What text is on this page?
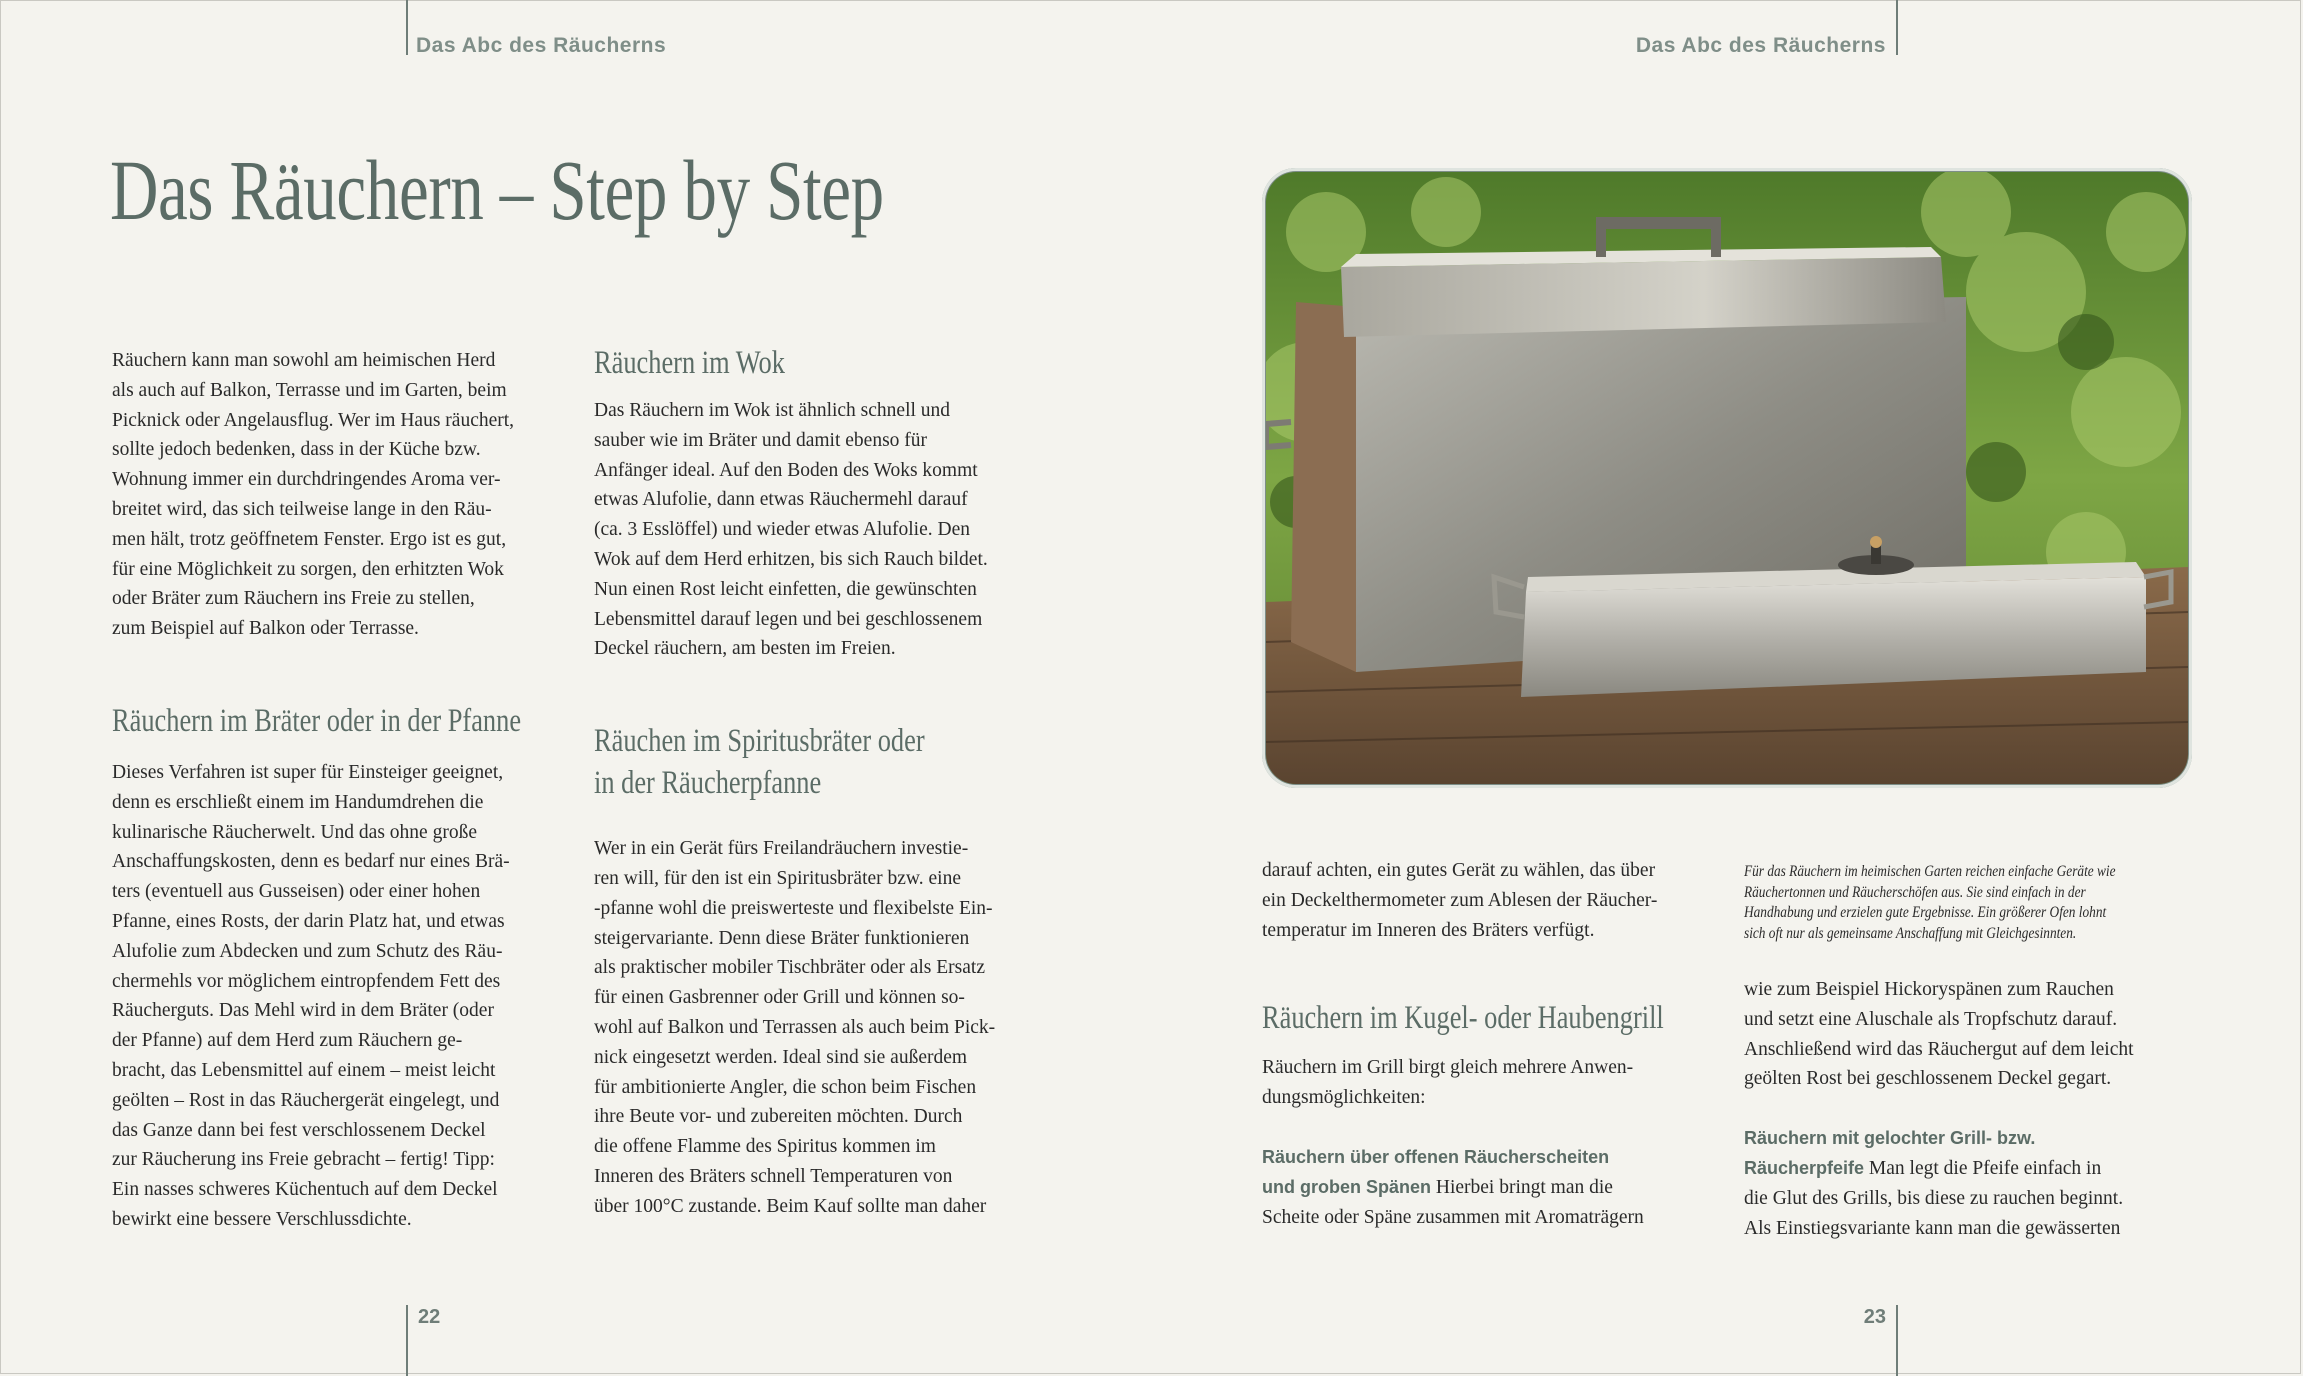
Das Abc des Räucherns	Das Abc des Räucherns
Das Räuchern – Step by Step
Räuchern kann man sowohl am heimischen Herd
als auch auf Balkon, Terrasse und im Garten, beim
Picknick oder Angelausflug. Wer im Haus räuchert,
sollte jedoch bedenken, dass in der Küche bzw.
Wohnung immer ein durchdringendes Aroma ver-
breitet wird, das sich teilweise lange in den Räu-
men hält, trotz geöffnetem Fenster. Ergo ist es gut,
für eine Möglichkeit zu sorgen, den erhitzten Wok
oder Bräter zum Räuchern ins Freie zu stellen,
zum Beispiel auf Balkon oder Terrasse.
Räuchern im Bräter oder in der Pfanne
Dieses Verfahren ist super für Einsteiger geeignet,
denn es erschließt einem im Handumdrehen die
kulinarische Räucherwelt. Und das ohne große
Anschaffungskosten, denn es bedarf nur eines Brä-
ters (eventuell aus Gusseisen) oder einer hohen
Pfanne, eines Rosts, der darin Platz hat, und etwas
Alufolie zum Abdecken und zum Schutz des Räu-
chermehls vor möglichem eintropfendem Fett des
Räucherguts. Das Mehl wird in dem Bräter (oder
der Pfanne) auf dem Herd zum Räuchern ge-
bracht, das Lebensmittel auf einem – meist leicht
geölten – Rost in das Räuchergerät eingelegt, und
das Ganze dann bei fest verschlossenem Deckel
zur Räucherung ins Freie gebracht – fertig! Tipp:
Ein nasses schweres Küchentuch auf dem Deckel
bewirkt eine bessere Verschlussdichte.
Räuchern im Wok
Das Räuchern im Wok ist ähnlich schnell und
sauber wie im Bräter und damit ebenso für
Anfänger ideal. Auf den Boden des Woks kommt
etwas Alufolie, dann etwas Räuchermehl darauf
(ca. 3 Esslöffel) und wieder etwas Alufolie. Den
Wok auf dem Herd erhitzen, bis sich Rauch bildet.
Nun einen Rost leicht einfetten, die gewünschten
Lebensmittel darauf legen und bei geschlossenem
Deckel räuchern, am besten im Freien.
Räuchen im Spiritusbräter oder
in der Räucherpfanne
Wer in ein Gerät fürs Freilandräuchern investie-
ren will, für den ist ein Spiritusbräter bzw. eine
-pfanne wohl die preiswerteste und flexibelste Ein-
steigervariante. Denn diese Bräter funktionieren
als praktischer mobiler Tischbräter oder als Ersatz
für einen Gasbrenner oder Grill und können so-
wohl auf Balkon und Terrassen als auch beim Pick-
nick eingesetzt werden. Ideal sind sie außerdem
für ambitionierte Angler, die schon beim Fischen
ihre Beute vor- und zubereiten möchten. Durch
die offene Flamme des Spiritus kommen im
Inneren des Bräters schnell Temperaturen von
über 100°C zustande. Beim Kauf sollte man daher
darauf achten, ein gutes Gerät zu wählen, das über
ein Deckelthermometer zum Ablesen der Räucher-
temperatur im Inneren des Bräters verfügt.
Räuchern im Kugel- oder Haubengrill
Räuchern im Grill birgt gleich mehrere Anwen-
dungsmöglichkeiten:
Räuchern über offenen Räucherscheiten
und groben Spänen Hierbei bringt man die
Scheite oder Späne zusammen mit Aromaträgern
Für das Räuchern im heimischen Garten reichen einfache Geräte wie
Räuchertonnen und Räucherschöfen aus. Sie sind einfach in der
Handhabung und erzielen gute Ergebnisse. Ein größerer Ofen lohnt
sich oft nur als gemeinsame Anschaffung mit Gleichgesinnten.
wie zum Beispiel Hickoryspänen zum Rauchen
und setzt eine Aluschale als Tropfschutz darauf.
Anschließend wird das Räuchergut auf dem leicht
geölten Rost bei geschlossenem Deckel gegart.
Räuchern mit gelochter Grill- bzw.
Räucherpfeife Man legt die Pfeife einfach in
die Glut des Grills, bis diese zu rauchen beginnt.
Als Einstiegsvariante kann man die gewässerten
22	23
